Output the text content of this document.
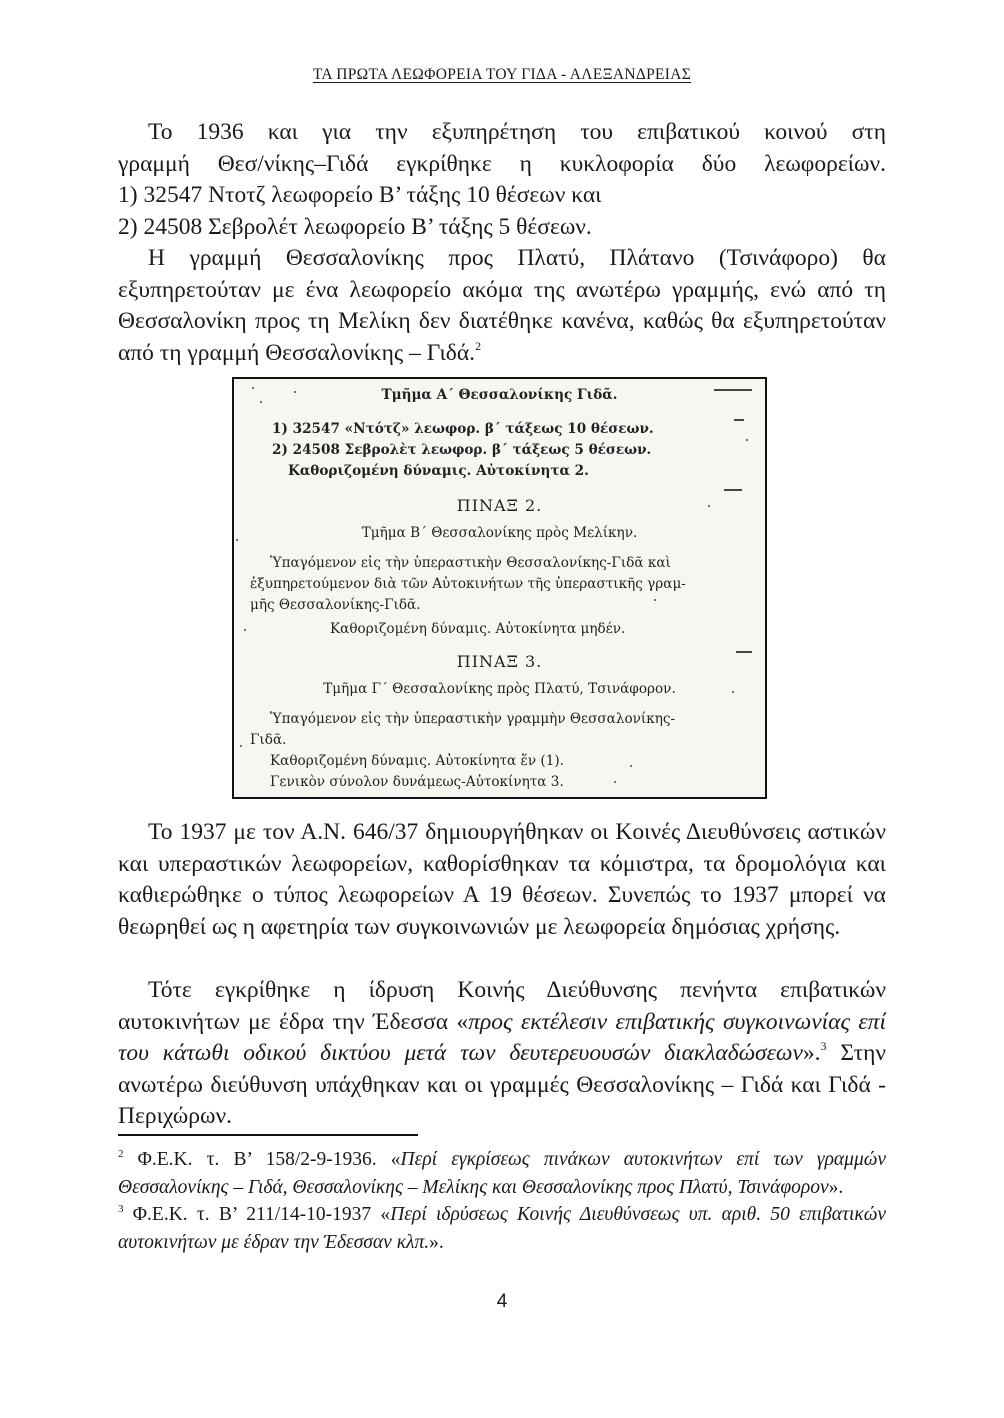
ΤΑ ΠΡΩΤΑ ΛΕΩΦΟΡΕΙΑ ΤΟΥ ΓΙΔΑ - ΑΛΕΞΑΝΔΡΕΙΑΣ

Το 1936 και για την εξυπηρέτηση του επιβατικού κοινού στη

γραμμή Θεσ/νίκης–Γιδά εγκρίθηκε η κυκλοφορία δύο λεωφορείων.

1) 32547 Ντοτζ λεωφορείο Β’ τάξης 10 θέσεων και

2) 24508 Σεβρολέτ λεωφορείο Β’ τάξης 5 θέσεων.

Η γραμμή Θεσσαλονίκης προς Πλατύ, Πλάτανο (Τσινάφορο) θα εξυπηρετούταν με ένα λεωφορείο ακόμα της ανωτέρω γραμμής, ενώ από τη Θεσσαλονίκη προς τη Μελίκη δεν διατέθηκε κανένα, καθώς θα εξυπηρετούταν από τη γραμμή Θεσσαλονίκης – Γιδά.$^2$

Τμῆμα Α΄ Θεσσαλονίκης Γιδᾶ.
1) 32547 «Ντότζ» λεωφορ. β΄ τάξεως 10 θέσεων.
2) 24508 Σεβρολὲτ λεωφορ. β΄ τάξεως 5 θέσεων.
Καθοριζομένη δύναμις. Αὐτοκίνητα 2.
ΠΙΝΑΞ 2.
Τμῆμα Β΄ Θεσσαλονίκης πρὸς Μελίκην.
Ὑπαγόμενον εἰς τὴν ὑπεραστικὴν Θεσσαλονίκης-Γιδᾶ καὶ
ἐξυπηρετούμενον διὰ τῶν Αὐτοκινήτων τῆς ὑπεραστικῆς γραμ-
μῆς Θεσσαλονίκης-Γιδᾶ.
Καθοριζομένη δύναμις. Αὐτοκίνητα μηδέν.
ΠΙΝΑΞ 3.
Τμῆμα Γ΄ Θεσσαλονίκης πρὸς Πλατύ, Τσινάφορον.
Ὑπαγόμενον εἰς τὴν ὑπεραστικὴν γραμμὴν Θεσσαλονίκης-
Γιδᾶ.
Καθοριζομένη δύναμις. Αὐτοκίνητα ἕν (1).
Γενικὸν σύνολον δυνάμεως-Αὐτοκίνητα 3.

Το 1937 με τον Α.Ν. 646/37 δημιουργήθηκαν οι Κοινές Διευθύνσεις αστικών και υπεραστικών λεωφορείων, καθορίσθηκαν τα κόμιστρα, τα δρομολόγια και καθιερώθηκε ο τύπος λεωφορείων Α 19 θέσεων. Συνεπώς το 1937 μπορεί να θεωρηθεί ως η αφετηρία των συγκοινωνιών με λεωφορεία δημόσιας χρήσης.

Τότε εγκρίθηκε η ίδρυση Κοινής Διεύθυνσης πενήντα επιβατικών αυτοκινήτων με έδρα την Έδεσσα «προς εκτέλεσιν επιβατικής συγκοινωνίας επί του κάτωθι οδικού δικτύου μετά των δευτερευουσών διακλαδώσεων».$^3$ Στην ανωτέρω διεύθυνση υπάχθηκαν και οι γραμμές Θεσσαλονίκης – Γιδά και Γιδά - Περιχώρων.

$^2$ Φ.Ε.Κ. τ. Β’ 158/2-9-1936. «Περί εγκρίσεως πινάκων αυτοκινήτων επί των γραμμών Θεσσαλονίκης – Γιδά, Θεσσαλονίκης – Μελίκης και Θεσσαλονίκης προς Πλατύ, Τσινάφορον».

$^3$ Φ.Ε.Κ. τ. Β’ 211/14-10-1937 «Περί ιδρύσεως Κοινής Διευθύνσεως υπ. αριθ. 50 επιβατικών αυτοκινήτων με έδραν την Έδεσσαν κλπ.».

4
